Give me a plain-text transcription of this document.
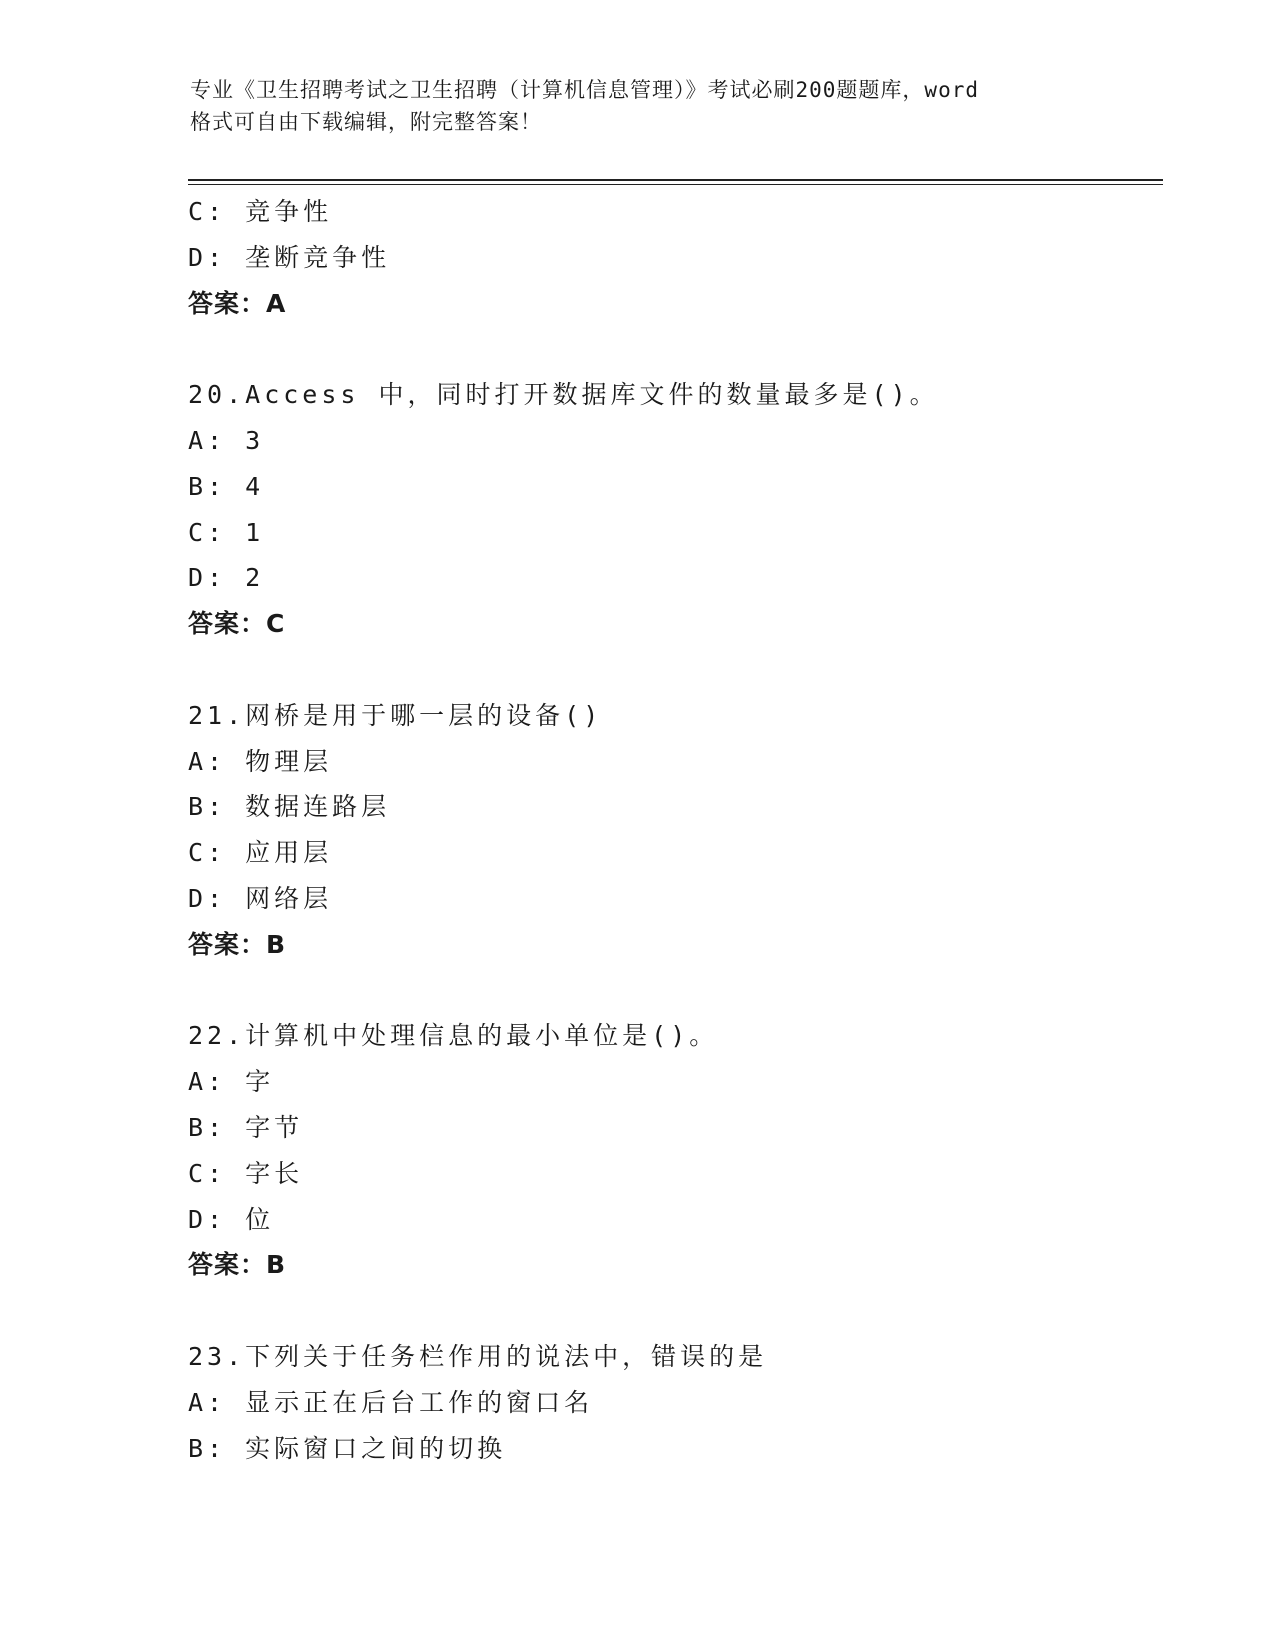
专业《卫生招聘考试之卫生招聘（计算机信息管理）》考试必刷200题题库，word
格式可自由下载编辑，附完整答案！
C: 竞争性
D: 垄断竞争性
答案：A
20.Access 中，同时打开数据库文件的数量最多是()。
A: 3
B: 4
C: 1
D: 2
答案：C
21.网桥是用于哪一层的设备()
A: 物理层
B: 数据连路层
C: 应用层
D: 网络层
答案：B
22.计算机中处理信息的最小单位是()。
A: 字
B: 字节
C: 字长
D: 位
答案：B
23.下列关于任务栏作用的说法中，错误的是
A: 显示正在后台工作的窗口名
B: 实际窗口之间的切换
